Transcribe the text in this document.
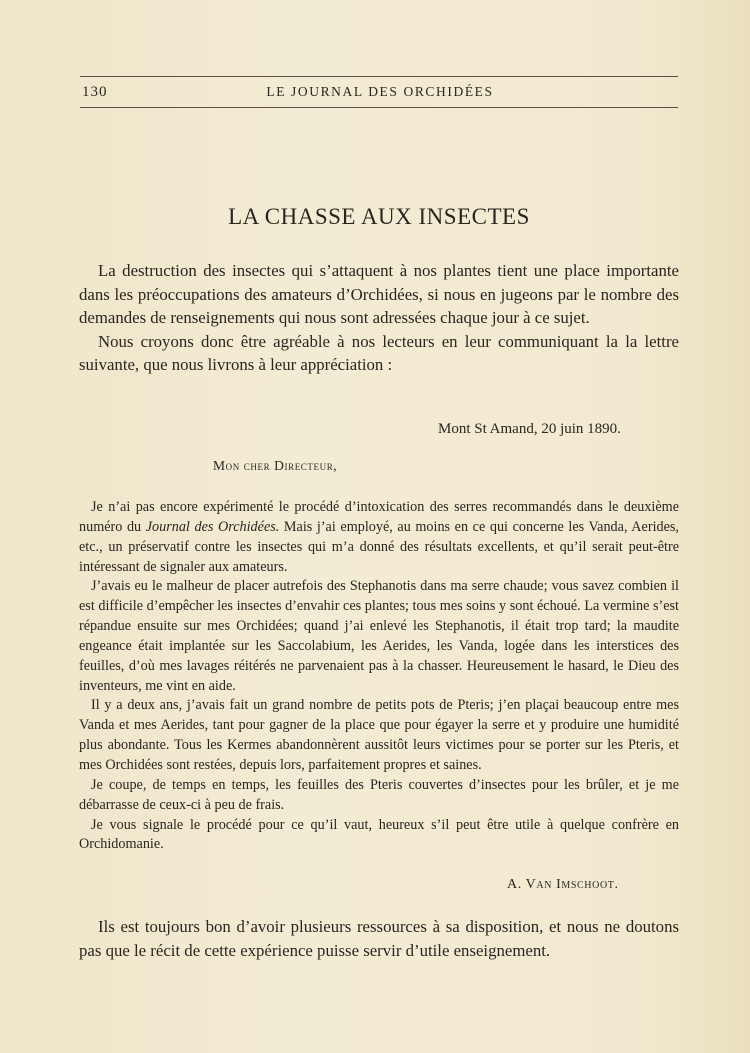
130	LE JOURNAL DES ORCHIDÉES
LA CHASSE AUX INSECTES

La destruction des insectes qui s’attaquent à nos plantes tient une place importante dans les préoccupations des amateurs d’Orchidées, si nous en jugeons par le nombre des demandes de renseignements qui nous sont adressées chaque jour à ce sujet.

Nous croyons donc être agréable à nos lecteurs en leur communiquant la la lettre suivante, que nous livrons à leur appréciation :

Mont St Amand, 20 juin 1890.
Mon cher Directeur,

Je n’ai pas encore expérimenté le procédé d’intoxication des serres recommandés dans le deuxième numéro du Journal des Orchidées. Mais j’ai employé, au moins en ce qui concerne les Vanda, Aerides, etc., un préservatif contre les insectes qui m’a donné des résultats excellents, et qu’il serait peut-être intéressant de signaler aux amateurs.

J’avais eu le malheur de placer autrefois des Stephanotis dans ma serre chaude; vous savez combien il est difficile d’empêcher les insectes d’envahir ces plantes; tous mes soins y sont échoué. La vermine s’est répandue ensuite sur mes Orchidées; quand j’ai enlevé les Stephanotis, il était trop tard; la maudite engeance était implantée sur les Saccolabium, les Aerides, les Vanda, logée dans les interstices des feuilles, d’où mes lavages réitérés ne parvenaient pas à la chasser. Heureusement le hasard, le Dieu des inventeurs, me vint en aide.

Il y a deux ans, j’avais fait un grand nombre de petits pots de Pteris; j’en plaçai beaucoup entre mes Vanda et mes Aerides, tant pour gagner de la place que pour égayer la serre et y produire une humidité plus abondante. Tous les Kermes abandonnèrent aussitôt leurs victimes pour se porter sur les Pteris, et mes Orchidées sont restées, depuis lors, parfaitement propres et saines.

Je coupe, de temps en temps, les feuilles des Pteris couvertes d’insectes pour les brûler, et je me débarrasse de ceux-ci à peu de frais.

Je vous signale le procédé pour ce qu’il vaut, heureux s’il peut être utile à quelque confrère en Orchidomanie.

A. Van Imschoot.

Ils est toujours bon d’avoir plusieurs ressources à sa disposition, et nous ne doutons pas que le récit de cette expérience puisse servir d’utile enseignement.
